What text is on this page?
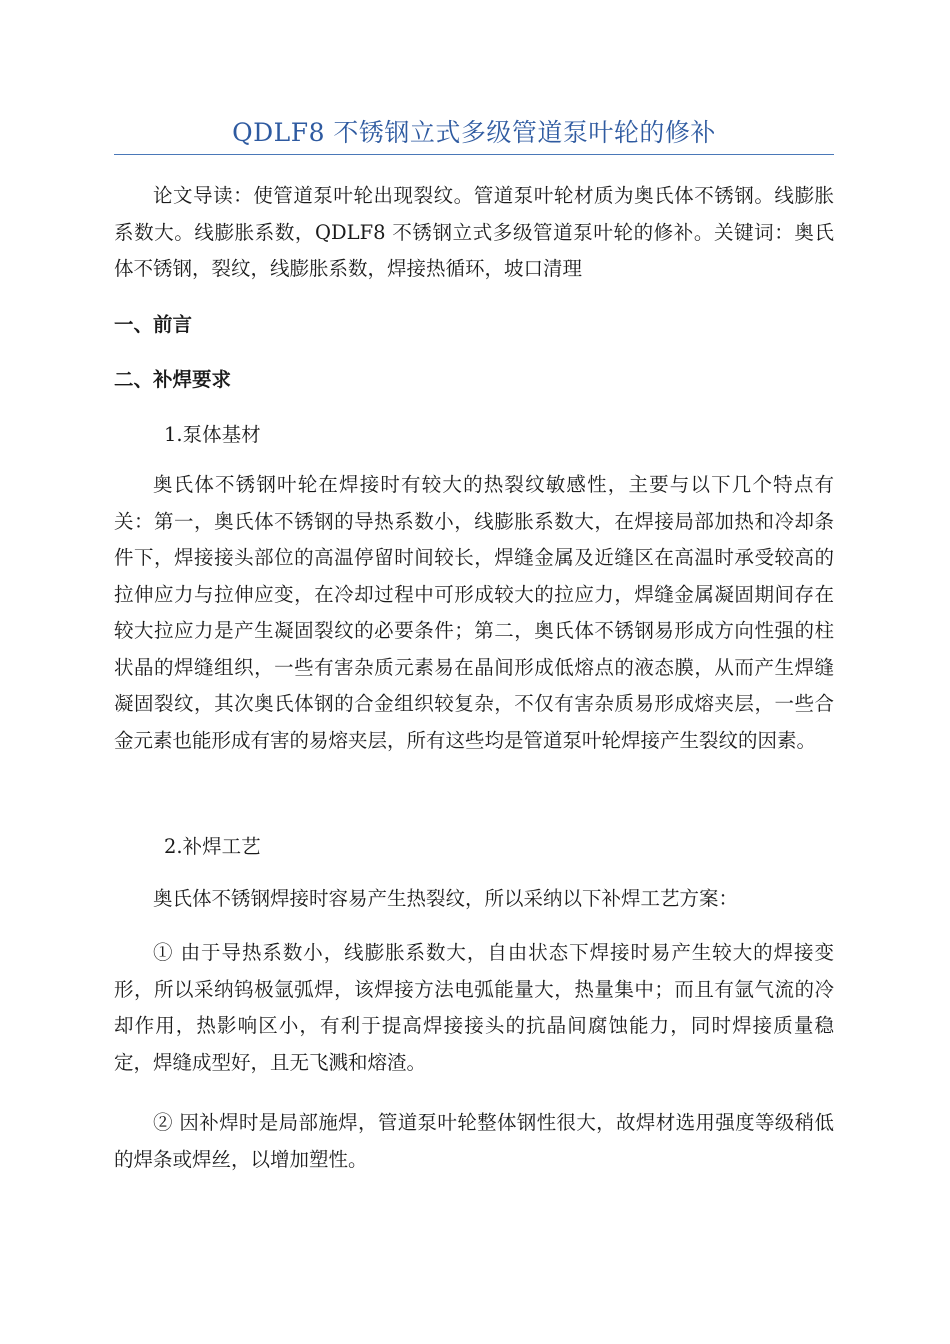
QDLF8 不锈钢立式多级管道泵叶轮的修补

论文导读：使管道泵叶轮出现裂纹。管道泵叶轮材质为奥氏体不锈钢。线膨胀系数大。线膨胀系数，QDLF8 不锈钢立式多级管道泵叶轮的修补。关键词：奥氏体不锈钢，裂纹，线膨胀系数，焊接热循环，坡口清理

一、前言
二、补焊要求
1.泵体基材

奥氏体不锈钢叶轮在焊接时有较大的热裂纹敏感性，主要与以下几个特点有关：第一，奥氏体不锈钢的导热系数小，线膨胀系数大，在焊接局部加热和冷却条件下，焊接接头部位的高温停留时间较长，焊缝金属及近缝区在高温时承受较高的拉伸应力与拉伸应变，在冷却过程中可形成较大的拉应力，焊缝金属凝固期间存在较大拉应力是产生凝固裂纹的必要条件；第二，奥氏体不锈钢易形成方向性强的柱状晶的焊缝组织，一些有害杂质元素易在晶间形成低熔点的液态膜，从而产生焊缝凝固裂纹，其次奥氏体钢的合金组织较复杂，不仅有害杂质易形成熔夹层，一些合金元素也能形成有害的易熔夹层，所有这些均是管道泵叶轮焊接产生裂纹的因素。

2.补焊工艺

奥氏体不锈钢焊接时容易产生热裂纹，所以采纳以下补焊工艺方案：

① 由于导热系数小，线膨胀系数大，自由状态下焊接时易产生较大的焊接变形，所以采纳钨极氩弧焊，该焊接方法电弧能量大，热量集中；而且有氩气流的冷却作用，热影响区小，有利于提高焊接接头的抗晶间腐蚀能力，同时焊接质量稳定，焊缝成型好，且无飞溅和熔渣。

② 因补焊时是局部施焊，管道泵叶轮整体钢性很大，故焊材选用强度等级稍低的焊条或焊丝，以增加塑性。
